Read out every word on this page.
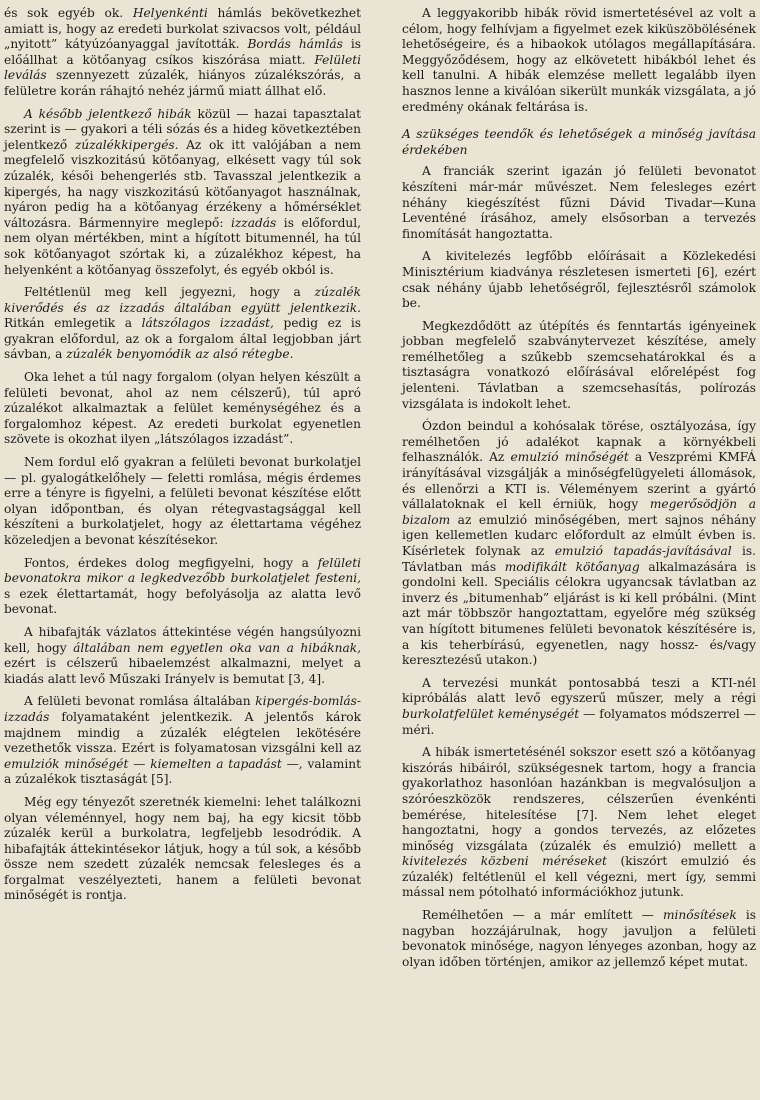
és sok egyéb ok. Helyenkénti hámlás bekövetkezhet amiatt is, hogy az eredeti burkolat szivacsos volt, például „nyitott” kátyúzóanyaggal javították. Bordás hámlás is előállhat a kötőanyag csíkos kiszórása miatt. Felületi leválás szennyezett zúzalék, hiányos zúzalékszórás, a felületre korán ráhajtó nehéz jármű miatt állhat elő.

A később jelentkező hibák közül — hazai tapasztalat szerint is — gyakori a téli sózás és a hideg következtében jelentkező zúzalékkipergés. Az ok itt valójában a nem megfelelő viszkozitású kötőanyag, elkésett vagy túl sok zúzalék, késői behengerlés stb. Tavasszal jelentkezik a kipergés, ha nagy viszkozitású kötőanyagot használnak, nyáron pedig ha a kötőanyag érzékeny a hőmérséklet változásra. Bármennyire meglepő: izzadás is előfordul, nem olyan mértékben, mint a hígított bitumennél, ha túl sok kötőanyagot szórtak ki, a zúzalékhoz képest, ha helyenként a kötőanyag összefolyt, és egyéb okból is.

Feltétlenül meg kell jegyezni, hogy a zúzalék kiverődés és az izzadás általában együtt jelentkezik. Ritkán emlegetik a látszólagos izzadást, pedig ez is gyakran előfordul, az ok a forgalom által legjobban járt sávban, a zúzalék benyomódik az alsó rétegbe.

Oka lehet a túl nagy forgalom (olyan helyen készült a felületi bevonat, ahol az nem célszerű), túl apró zúzalékot alkalmaztak a felület keménységéhez és a forgalomhoz képest. Az eredeti burkolat egyenetlen szövete is okozhat ilyen „látszólagos izzadást”.

Nem fordul elő gyakran a felületi bevonat burkolatjel — pl. gyalogátkelőhely — feletti romlása, mégis érdemes erre a tényre is figyelni, a felületi bevonat készítése előtt olyan időpontban, és olyan rétegvastagsággal kell készíteni a burkolatjelet, hogy az élettartama végéhez közeledjen a bevonat készítésekor.

Fontos, érdekes dolog megfigyelni, hogy a felületi bevonatokra mikor a legkedvezőbb burkolatjelet festeni, s ezek élettartamát, hogy befolyásolja az alatta levő bevonat.

A hibafajták vázlatos áttekintése végén hangsúlyozni kell, hogy általában nem egyetlen oka van a hibáknak, ezért is célszerű hibaelemzést alkalmazni, melyet a kiadás alatt levő Műszaki Irányelv is bemutat [3, 4].

A felületi bevonat romlása általában kipergés-bomlás-izzadás folyamataként jelentkezik. A jelentős károk majdnem mindig a zúzalék elégtelen lekötésére vezethetők vissza. Ezért is folyamatosan vizsgálni kell az emulziók minőségét — kiemelten a tapadást —, valamint a zúzalékok tisztaságát [5].

Még egy tényezőt szeretnék kiemelni: lehet találkozni olyan véleménnyel, hogy nem baj, ha egy kicsit több zúzalék kerül a burkolatra, legfeljebb lesodródik. A hibafajták áttekintésekor látjuk, hogy a túl sok, a később össze nem szedett zúzalék nemcsak felesleges és a forgalmat veszélyezteti, hanem a felületi bevonat minőségét is rontja.

A leggyakoribb hibák rövid ismertetésével az volt a célom, hogy felhívjam a figyelmet ezek kiküszöbölésének lehetőségeire, és a hibaokok utólagos megállapítására. Meggyőződésem, hogy az elkövetett hibákból lehet és kell tanulni. A hibák elemzése mellett legalább ilyen hasznos lenne a kiválóan sikerült munkák vizsgálata, a jó eredmény okának feltárása is.

A szükséges teendők és lehetőségek a minőség javítása érdekében

A franciák szerint igazán jó felületi bevonatot készíteni már-már művészet. Nem felesleges ezért néhány kiegészítést fűzni Dávid Tivadar—Kuna Leventéné írásához, amely elsősorban a tervezés finomítását hangoztatta.

A kivitelezés legfőbb előírásait a Közlekedési Minisztérium kiadványa részletesen ismerteti [6], ezért csak néhány újabb lehetőségről, fejlesztésről számolok be.

Megkezdődött az útépítés és fenntartás igényeinek jobban megfelelő szabványtervezet készítése, amely remélhetőleg a szűkebb szemcsehatárokkal és a tisztaságra vonatkozó előírásával előrelépést fog jelenteni. Távlatban a szemcsehasítás, polírozás vizsgálata is indokolt lehet.

Ózdon beindul a kohósalak törése, osztályozása, így remélhetően jó adalékot kapnak a környékbeli felhasználók. Az emulzió minőségét a Veszprémi KMFÁ irányításával vizsgálják a minőségfelügyeleti állomások, és ellenőrzi a KTI is. Véleményem szerint a gyártó vállalatoknak el kell érniük, hogy megerősödjön a bizalom az emulzió minőségében, mert sajnos néhány igen kellemetlen kudarc előfordult az elmúlt évben is. Kísérletek folynak az emulzió tapadás-javításával is. Távlatban más modifikált kötőanyag alkalmazására is gondolni kell. Speciális célokra ugyancsak távlatban az inverz és „bitumenhab” eljárást is ki kell próbálni. (Mint azt már többször hangoztattam, egyelőre még szükség van hígított bitumenes felületi bevonatok készítésére is, a kis teherbírású, egyenetlen, nagy hossz- és/vagy keresztezésű utakon.)

A tervezési munkát pontosabbá teszi a KTI-nél kipróbálás alatt levő egyszerű műszer, mely a régi burkolatfelület keménységét — folyamatos módszerrel — méri.

A hibák ismertetésénél sokszor esett szó a kötőanyag kiszórás hibáiról, szükségesnek tartom, hogy a francia gyakorlathoz hasonlóan hazánkban is megvalósuljon a szóróeszközök rendszeres, célszerűen évenkénti bemérése, hitelesítése [7]. Nem lehet eleget hangoztatni, hogy a gondos tervezés, az előzetes minőség vizsgálata (zúzalék és emulzió) mellett a kivitelezés közbeni méréseket (kiszórt emulzió és zúzalék) feltétlenül el kell végezni, mert így, semmi mással nem pótolható információkhoz jutunk.

Remélhetően — a már említett — minősítések is nagyban hozzájárulnak, hogy javuljon a felületi bevonatok minősége, nagyon lényeges azonban, hogy az olyan időben történjen, amikor az jellemző képet mutat.
